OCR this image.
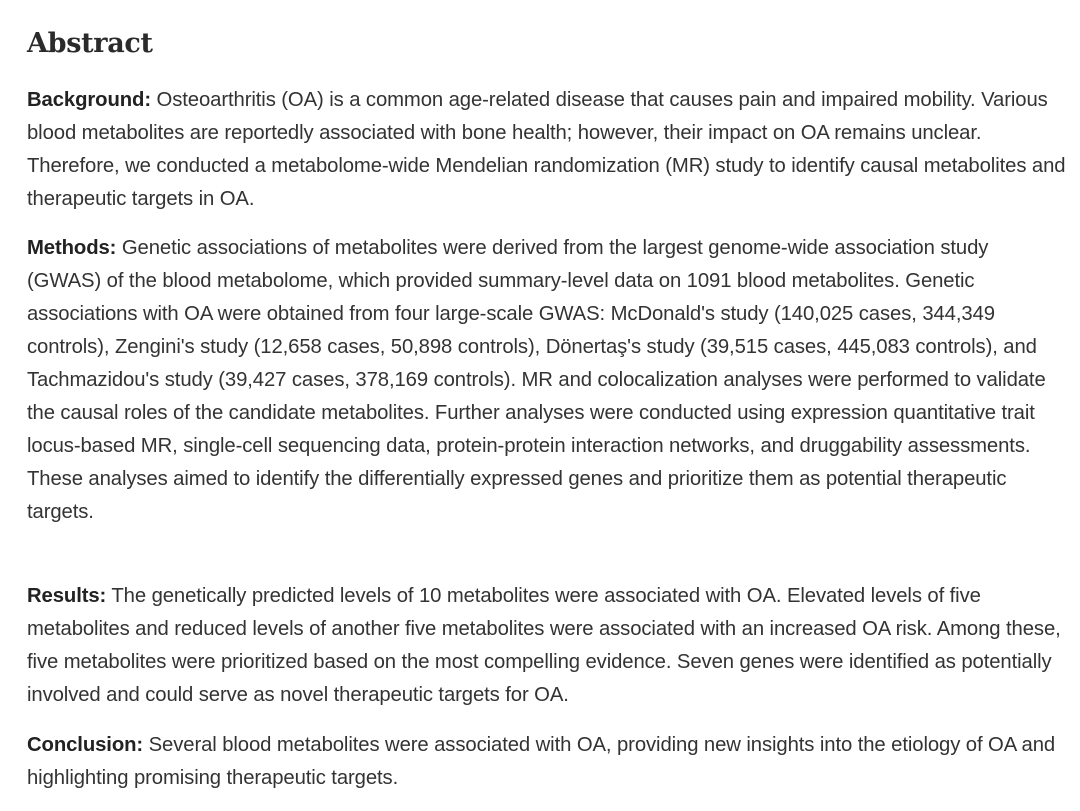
Abstract

Background: Osteoarthritis (OA) is a common age-related disease that causes pain and impaired mobility. Various blood metabolites are reportedly associated with bone health; however, their impact on OA remains unclear. Therefore, we conducted a metabolome-wide Mendelian randomization (MR) study to identify causal metabolites and therapeutic targets in OA.

Methods: Genetic associations of metabolites were derived from the largest genome-wide association study (GWAS) of the blood metabolome, which provided summary-level data on 1091 blood metabolites. Genetic associations with OA were obtained from four large-scale GWAS: McDonald's study (140,025 cases, 344,349 controls), Zengini's study (12,658 cases, 50,898 controls), Dönertaş's study (39,515 cases, 445,083 controls), and Tachmazidou's study (39,427 cases, 378,169 controls). MR and colocalization analyses were performed to validate the causal roles of the candidate metabolites. Further analyses were conducted using expression quantitative trait locus-based MR, single-cell sequencing data, protein-protein interaction networks, and druggability assessments. These analyses aimed to identify the differentially expressed genes and prioritize them as potential therapeutic targets.

Results: The genetically predicted levels of 10 metabolites were associated with OA. Elevated levels of five metabolites and reduced levels of another five metabolites were associated with an increased OA risk. Among these, five metabolites were prioritized based on the most compelling evidence. Seven genes were identified as potentially involved and could serve as novel therapeutic targets for OA.

Conclusion: Several blood metabolites were associated with OA, providing new insights into the etiology of OA and highlighting promising therapeutic targets.
